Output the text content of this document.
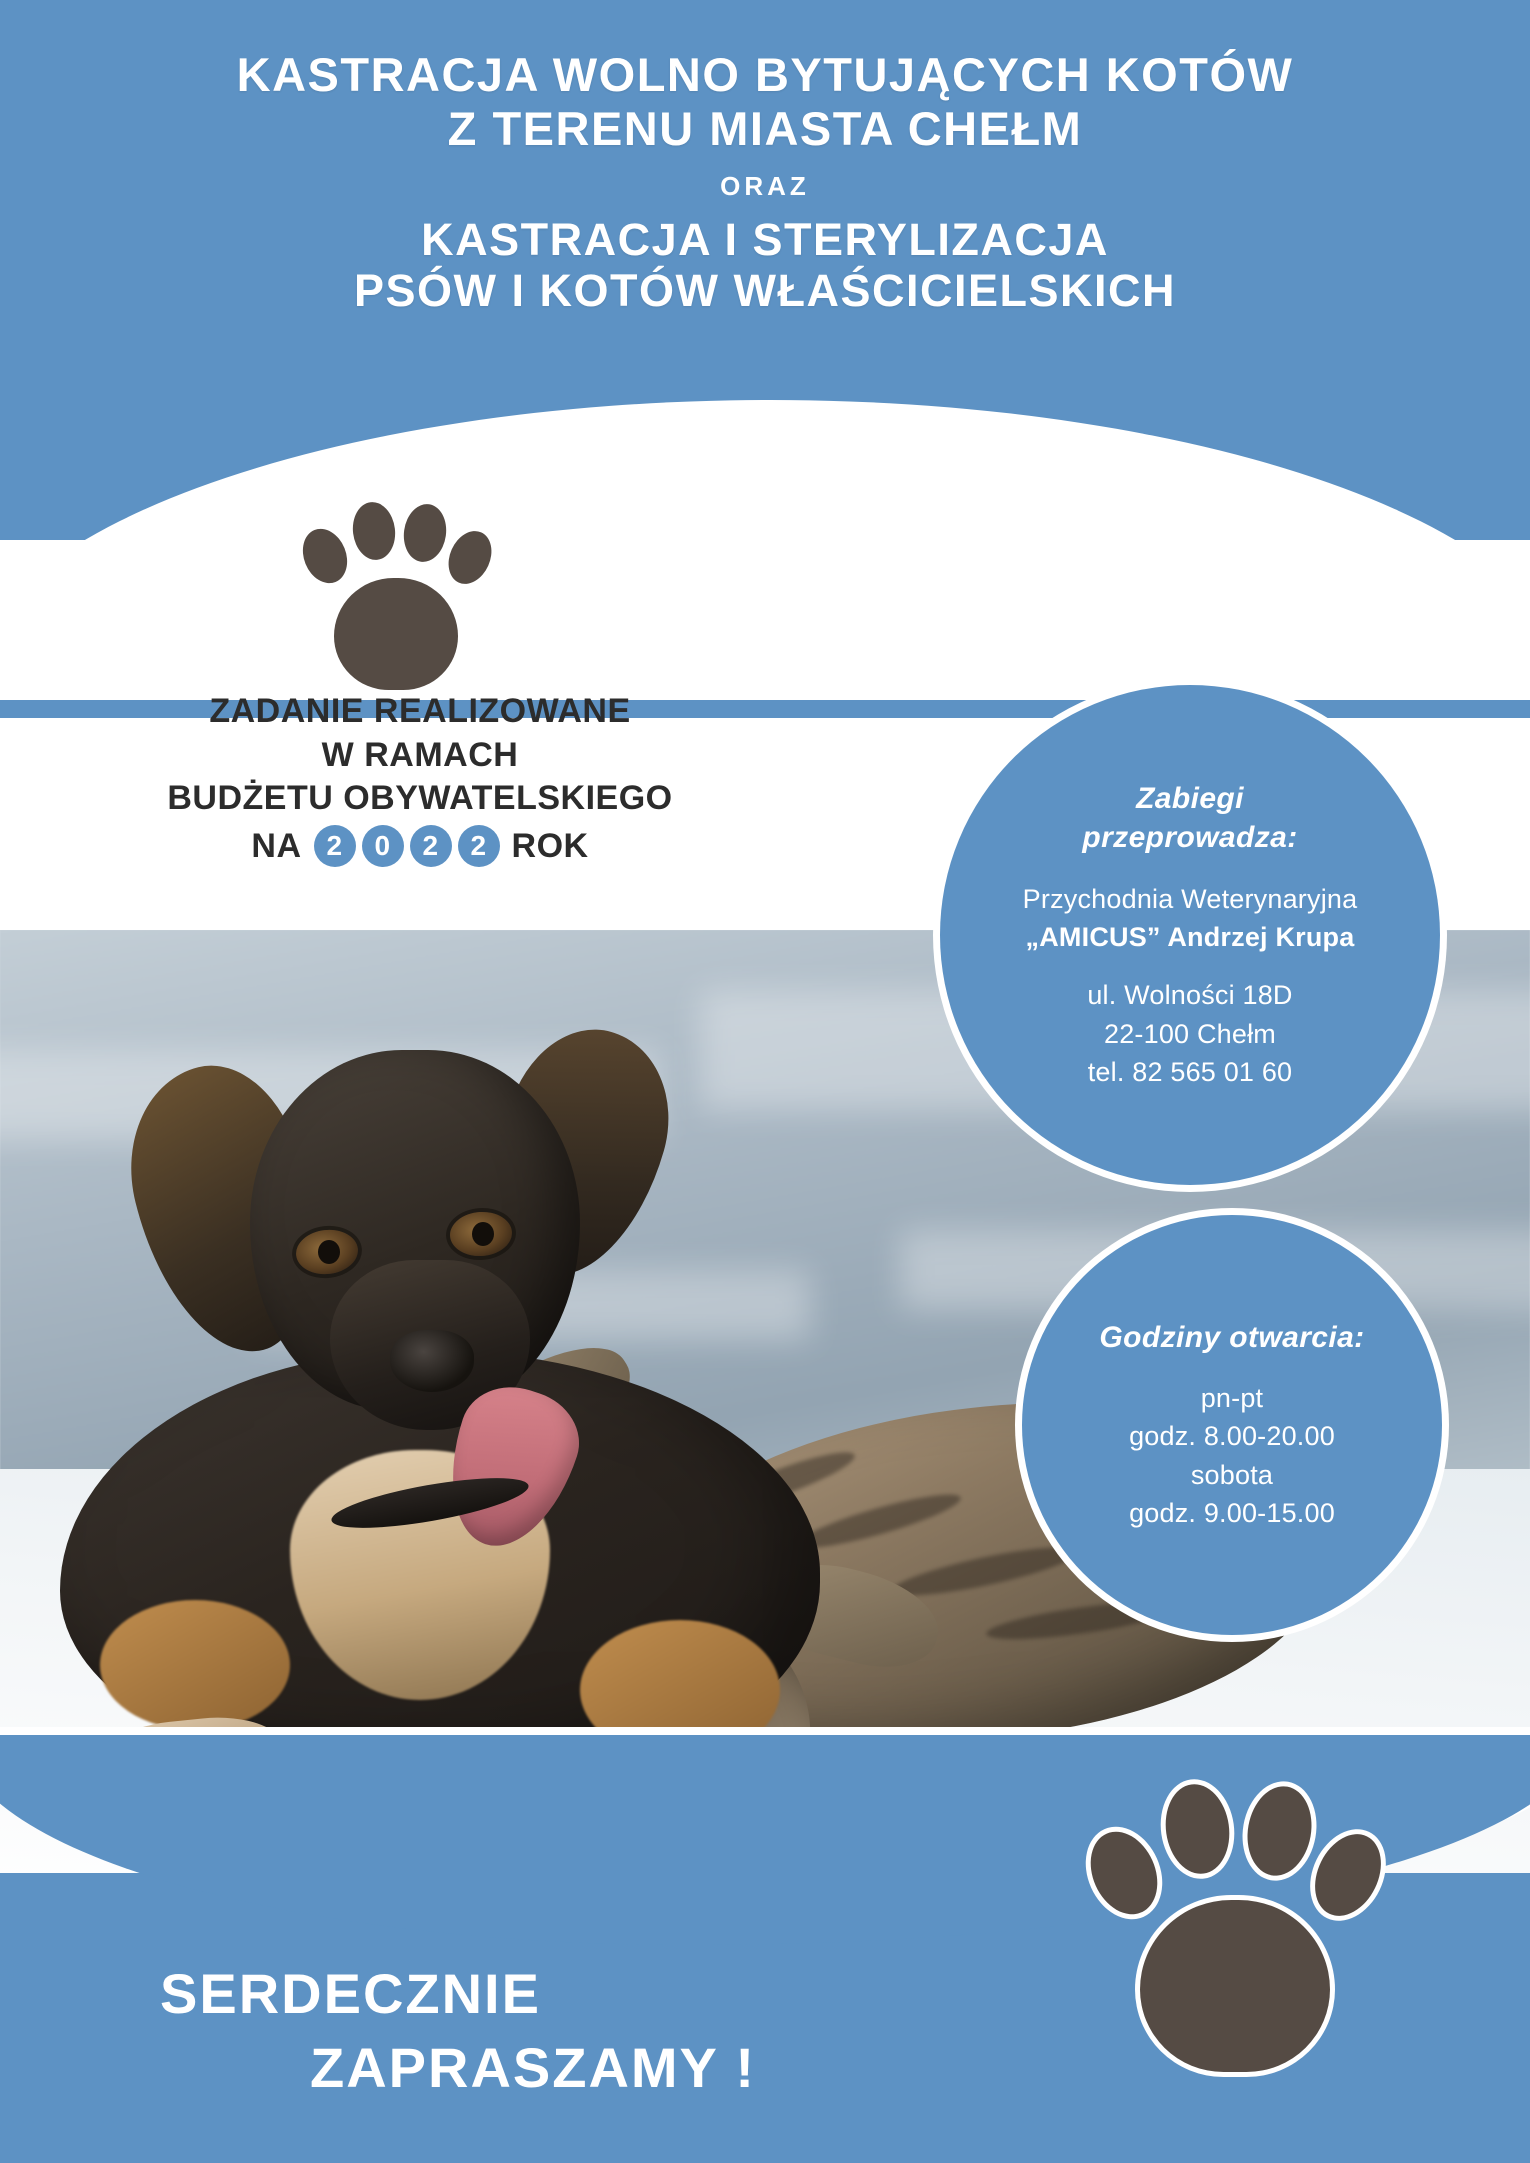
KASTRACJA WOLNO BYTUJĄCYCH KOTÓW
Z TERENU MIASTA CHEŁM
ORAZ
KASTRACJA I STERYLIZACJA
PSÓW I KOTÓW WŁAŚCICIELSKICH
ZADANIE REALIZOWANE
W RAMACH
BUDŻETU OBYWATELSKIEGO
NA 2	0	2	2 ROK
Zabiegi
przeprowadza:
Przychodnia Weterynaryjna
„AMICUS” Andrzej Krupa
ul. Wolności 18D
22-100 Chełm
tel. 82 565 01 60
Godziny otwarcia:
pn-pt
godz. 8.00-20.00
sobota
godz. 9.00-15.00
SERDECZNIE
ZAPRASZAMY !
